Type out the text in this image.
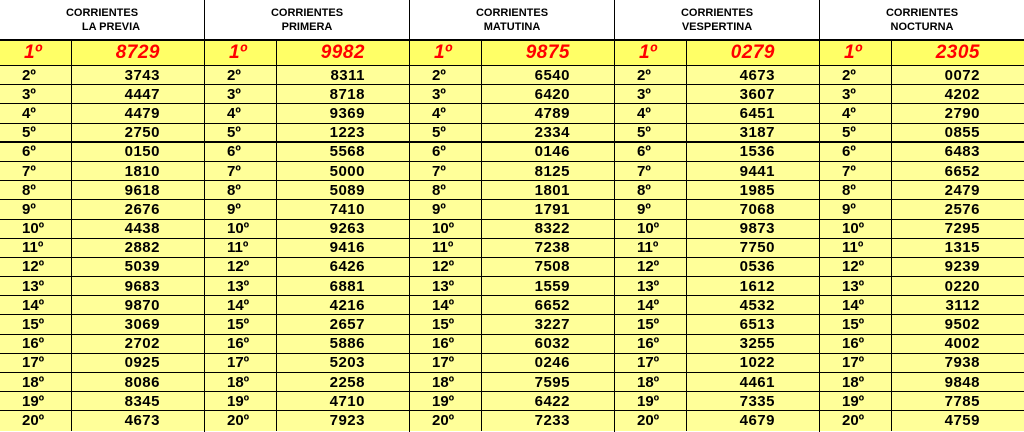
CORRIENTES
LA PREVIA
1º	8729
2º	3743
3º	4447
4º	4479
5º	2750
6º	0150
7º	1810
8º	9618
9º	2676
10º	4438
11º	2882
12º	5039
13º	9683
14º	9870
15º	3069
16º	2702
17º	0925
18º	8086
19º	8345
20º	4673
CORRIENTES
PRIMERA
1º	9982
2º	8311
3º	8718
4º	9369
5º	1223
6º	5568
7º	5000
8º	5089
9º	7410
10º	9263
11º	9416
12º	6426
13º	6881
14º	4216
15º	2657
16º	5886
17º	5203
18º	2258
19º	4710
20º	7923
CORRIENTES
MATUTINA
1º	9875
2º	6540
3º	6420
4º	4789
5º	2334
6º	0146
7º	8125
8º	1801
9º	1791
10º	8322
11º	7238
12º	7508
13º	1559
14º	6652
15º	3227
16º	6032
17º	0246
18º	7595
19º	6422
20º	7233
CORRIENTES
VESPERTINA
1º	0279
2º	4673
3º	3607
4º	6451
5º	3187
6º	1536
7º	9441
8º	1985
9º	7068
10º	9873
11º	7750
12º	0536
13º	1612
14º	4532
15º	6513
16º	3255
17º	1022
18º	4461
19º	7335
20º	4679
CORRIENTES
NOCTURNA
1º	2305
2º	0072
3º	4202
4º	2790
5º	0855
6º	6483
7º	6652
8º	2479
9º	2576
10º	7295
11º	1315
12º	9239
13º	0220
14º	3112
15º	9502
16º	4002
17º	7938
18º	9848
19º	7785
20º	4759
